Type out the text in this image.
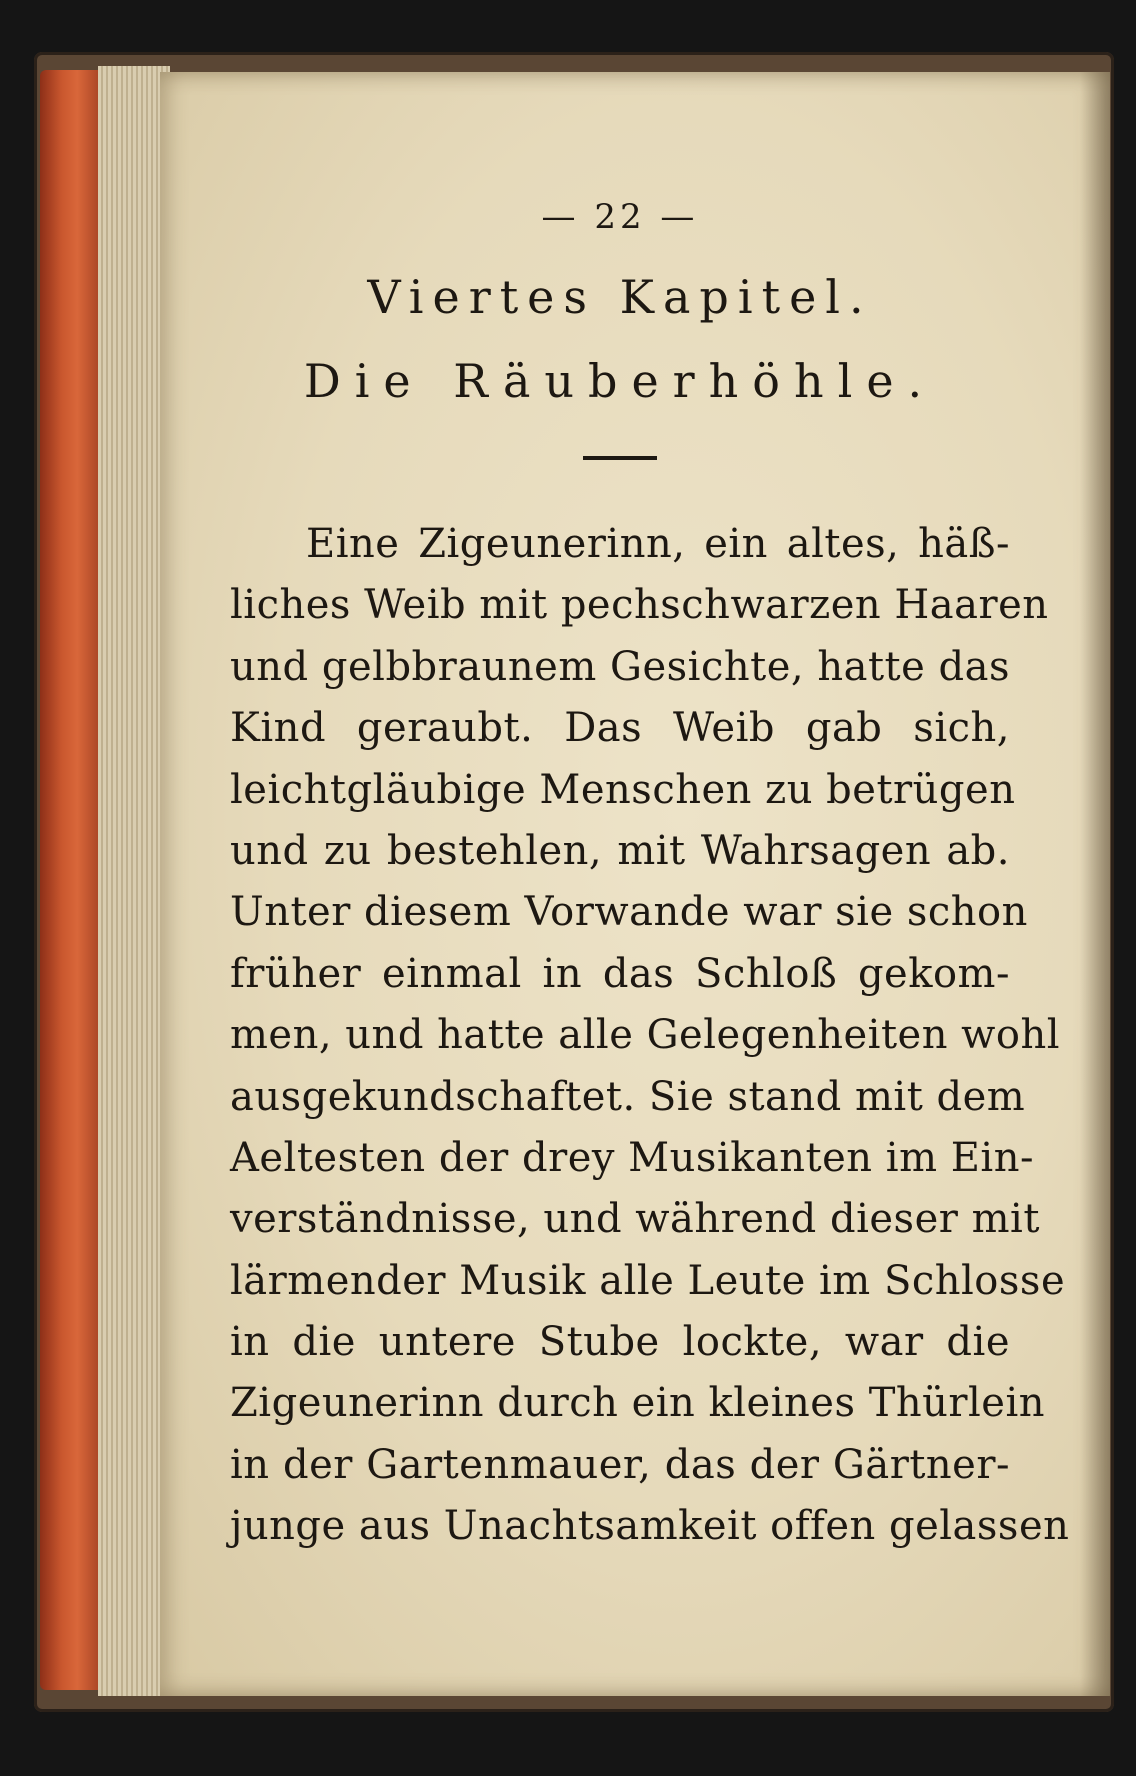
— 22 —
Viertes Kapitel.
Die Räuberhöhle.
Eine Zigeunerinn, ein altes, häß-
liches Weib mit pechschwarzen Haaren
und gelbbraunem Gesichte, hatte das
Kind geraubt. Das Weib gab sich,
leichtgläubige Menschen zu betrügen
und zu bestehlen, mit Wahrsagen ab.
Unter diesem Vorwande war sie schon
früher einmal in das Schloß gekom-
men, und hatte alle Gelegenheiten wohl
ausgekundschaftet. Sie stand mit dem
Aeltesten der drey Musikanten im Ein-
verständnisse, und während dieser mit
lärmender Musik alle Leute im Schlosse
in die untere Stube lockte, war die
Zigeunerinn durch ein kleines Thürlein
in der Gartenmauer, das der Gärtner-
junge aus Unachtsamkeit offen gelassen
